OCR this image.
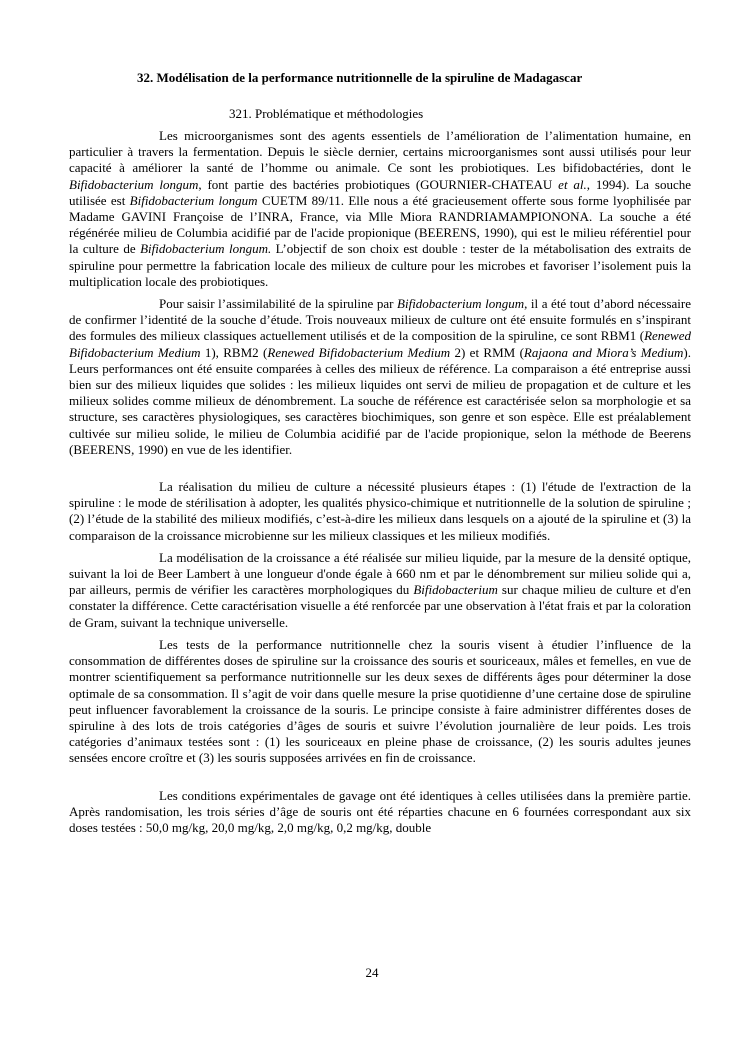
32. Modélisation de la performance nutritionnelle de la spiruline de Madagascar
321. Problématique et méthodologies

Les microorganismes sont des agents essentiels de l’amélioration de l’alimentation humaine, en particulier à travers la fermentation. Depuis le siècle dernier, certains microorganismes sont aussi utilisés pour leur capacité à améliorer la santé de l’homme ou animale. Ce sont les probiotiques. Les bifidobactéries, dont le Bifidobacterium longum, font partie des bactéries probiotiques (GOURNIER-CHATEAU et al., 1994). La souche utilisée est Bifidobacterium longum CUETM 89/11. Elle nous a été gracieusement offerte sous forme lyophilisée par Madame GAVINI Françoise de l’INRA, France, via Mlle Miora RANDRIAMAMPIONONA. La souche a été régénérée milieu de Columbia acidifié par de l'acide propionique (BEERENS, 1990), qui est le milieu référentiel pour la culture de Bifidobacterium longum. L’objectif de son choix est double : tester de la métabolisation des extraits de spiruline pour permettre la fabrication locale des milieux de culture pour les microbes et favoriser l’isolement puis la multiplication locale des probiotiques.

Pour saisir l’assimilabilité de la spiruline par Bifidobacterium longum, il a été tout d’abord nécessaire de confirmer l’identité de la souche d’étude. Trois nouveaux milieux de culture ont été ensuite formulés en s’inspirant des formules des milieux classiques actuellement utilisés et de la composition de la spiruline, ce sont RBM1 (Renewed Bifidobacterium Medium 1), RBM2 (Renewed Bifidobacterium Medium 2) et RMM (Rajaona and Miora’s Medium). Leurs performances ont été ensuite comparées à celles des milieux de référence. La comparaison a été entreprise aussi bien sur des milieux liquides que solides : les milieux liquides ont servi de milieu de propagation et de culture et les milieux solides comme milieux de dénombrement. La souche de référence est caractérisée selon sa morphologie et sa structure, ses caractères physiologiques, ses caractères biochimiques, son genre et son espèce. Elle est préalablement cultivée sur milieu solide, le milieu de Columbia acidifié par de l'acide propionique, selon la méthode de Beerens (BEERENS, 1990) en vue de les identifier.

La réalisation du milieu de culture a nécessité plusieurs étapes : (1) l'étude de l'extraction de la spiruline : le mode de stérilisation à adopter, les qualités physico-chimique et nutritionnelle de la solution de spiruline ; (2) l’étude de la stabilité des milieux modifiés, c’est-à-dire les milieux dans lesquels on a ajouté de la spiruline et (3) la comparaison de la croissance microbienne sur les milieux classiques et les milieux modifiés.

La modélisation de la croissance a été réalisée sur milieu liquide, par la mesure de la densité optique, suivant la loi de Beer Lambert à une longueur d'onde égale à 660 nm et par le dénombrement sur milieu solide qui a, par ailleurs, permis de vérifier les caractères morphologiques du Bifidobacterium sur chaque milieu de culture et d'en constater la différence. Cette caractérisation visuelle a été renforcée par une observation à l'état frais et par la coloration de Gram, suivant la technique universelle.

Les tests de la performance nutritionnelle chez la souris visent à étudier l’influence de la consommation de différentes doses de spiruline sur la croissance des souris et souriceaux, mâles et femelles, en vue de montrer scientifiquement sa performance nutritionnelle sur les deux sexes de différents âges pour déterminer la dose optimale de sa consommation. Il s’agit de voir dans quelle mesure la prise quotidienne d’une certaine dose de spiruline peut influencer favorablement la croissance de la souris. Le principe consiste à faire administrer différentes doses de spiruline à des lots de trois catégories d’âges de souris et suivre l’évolution journalière de leur poids. Les trois catégories d’animaux testées sont : (1) les souriceaux en pleine phase de croissance, (2) les souris adultes jeunes sensées encore croître et (3) les souris supposées arrivées en fin de croissance.

Les conditions expérimentales de gavage ont été identiques à celles utilisées dans la première partie. Après randomisation, les trois séries d’âge de souris ont été réparties chacune en 6 fournées correspondant aux six doses testées : 50,0 mg/kg, 20,0 mg/kg, 2,0 mg/kg, 0,2 mg/kg, double

24
